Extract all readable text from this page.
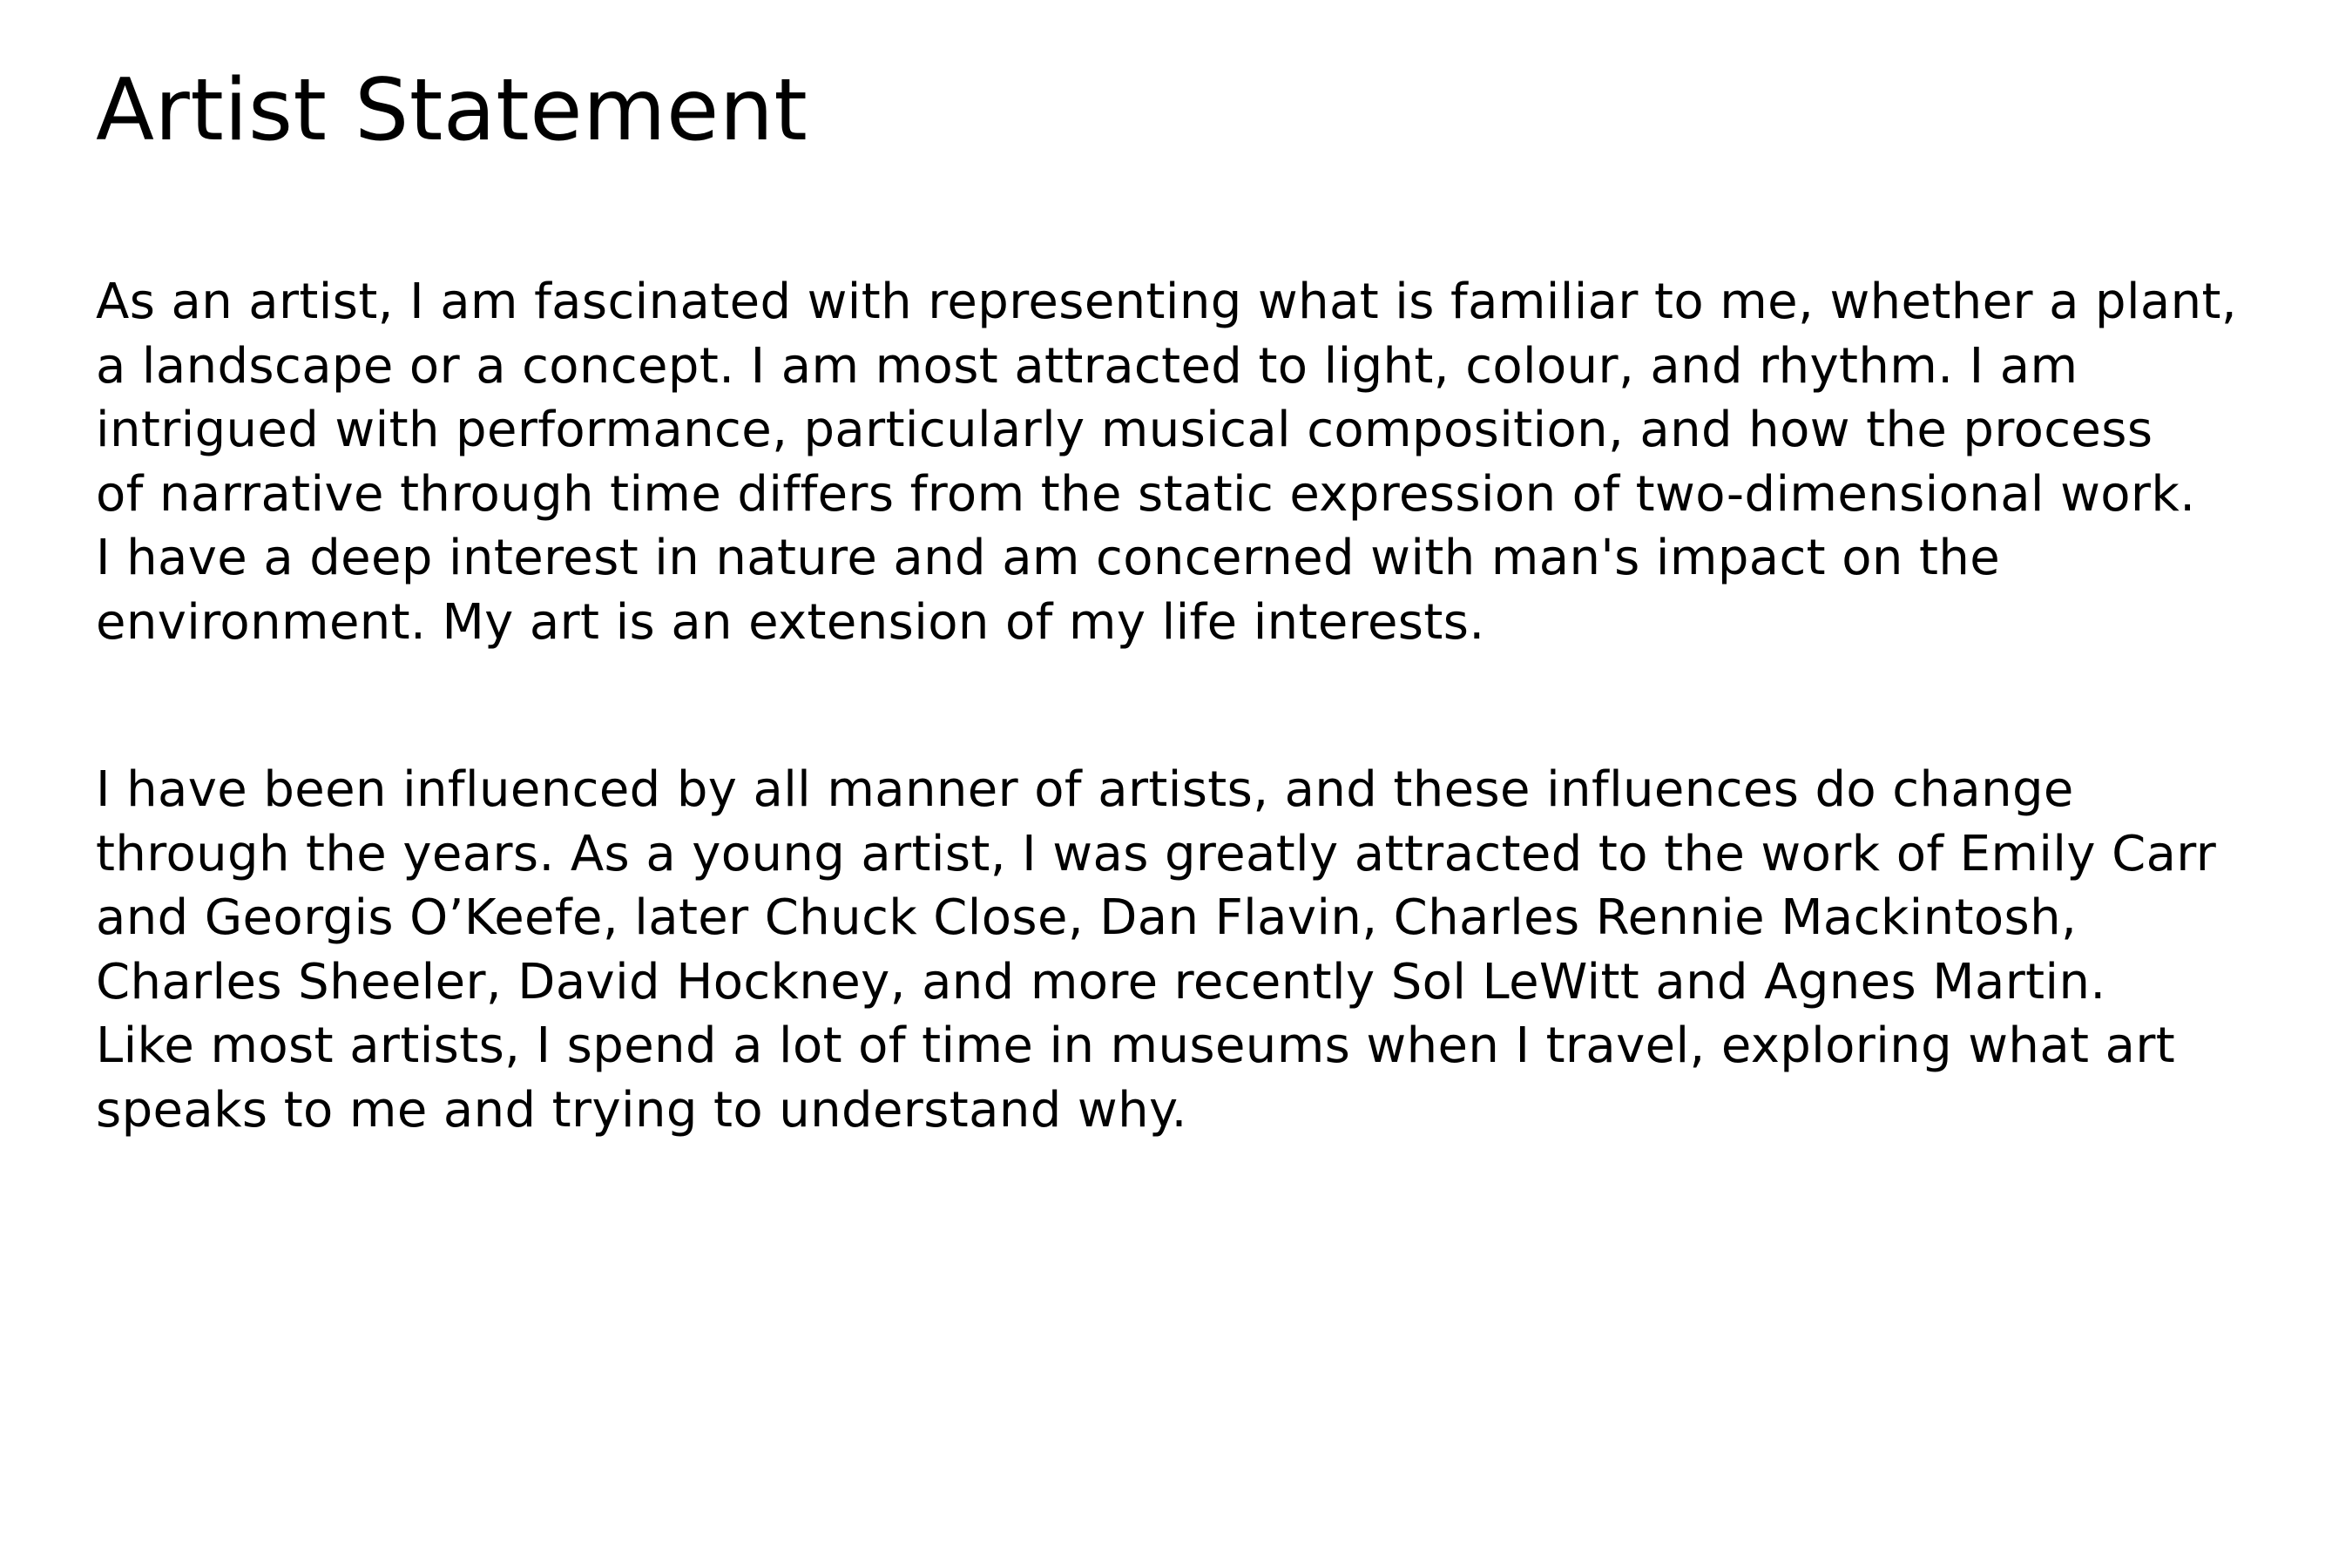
Artist Statement
As an artist, I am fascinated with representing what is familiar to me, whether a plant,
a landscape or a concept. I am most attracted to light, colour, and rhythm. I am
intrigued with performance, particularly musical composition, and how the process
of narrative through time differs from the static expression of two-dimensional work.
I have a deep interest in nature and am concerned with man's impact on the
environment. My art is an extension of my life interests.
I have been influenced by all manner of artists, and these influences do change
through the years. As a young artist, I was greatly attracted to the work of Emily Carr
and Georgis O’Keefe, later Chuck Close, Dan Flavin, Charles Rennie Mackintosh,
Charles Sheeler, David Hockney, and more recently Sol LeWitt and Agnes Martin.
Like most artists, I spend a lot of time in museums when I travel, exploring what art
speaks to me and trying to understand why.
